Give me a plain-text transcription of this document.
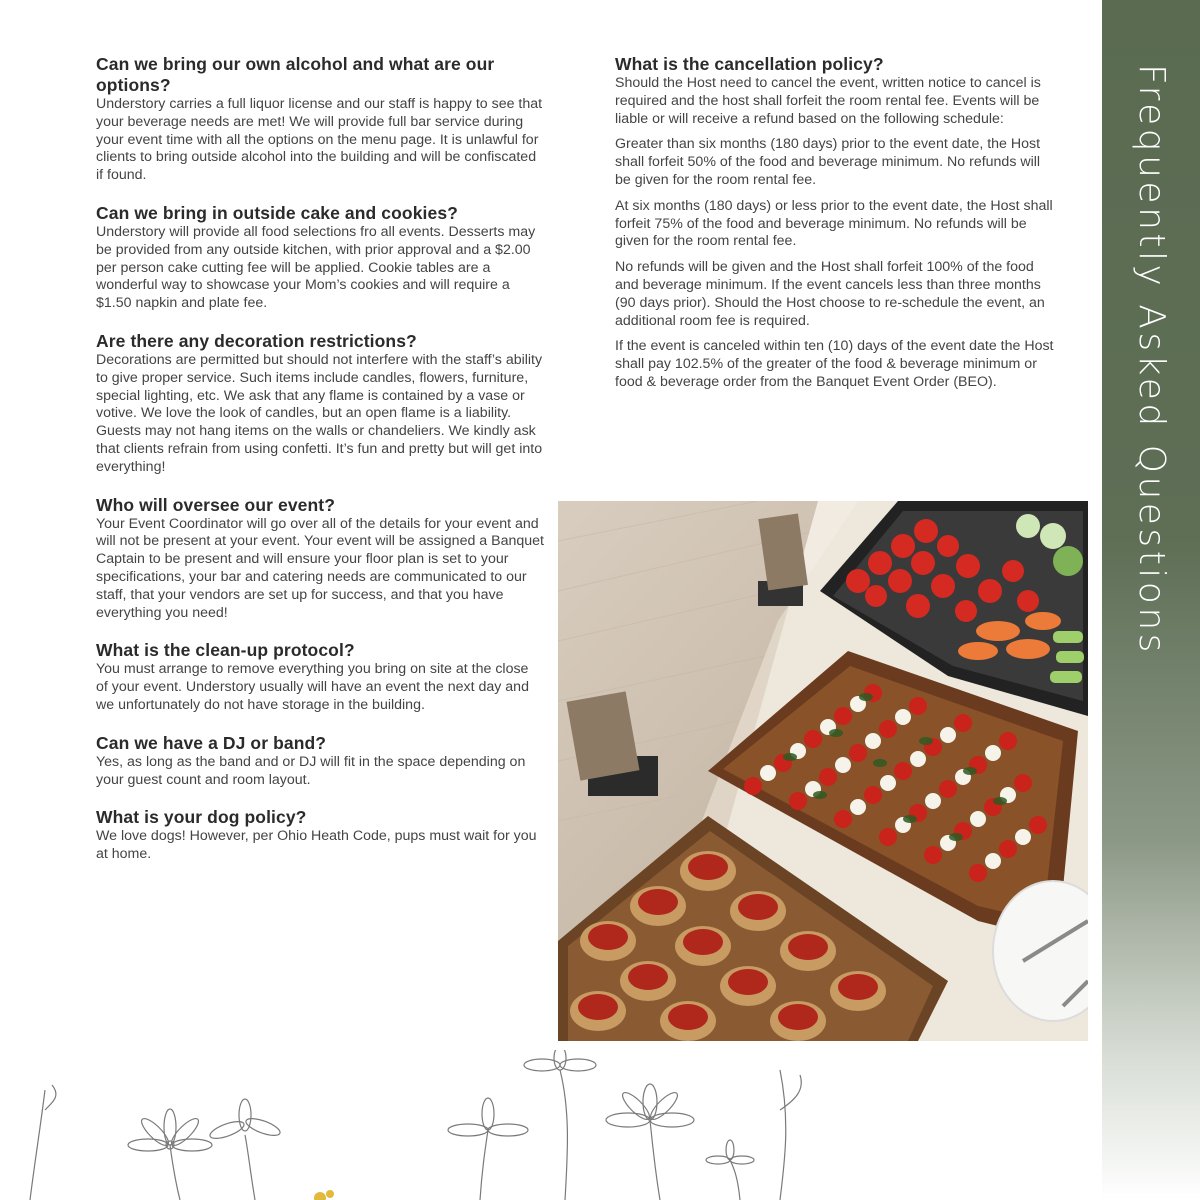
Can we bring our own alcohol and what are our options?

Understory carries a full liquor license and our staff is happy to see that your beverage needs are met! We will provide full bar service during your event time with all the options on the menu page. It is unlawful for clients to bring outside alcohol into the building and will be confiscated if found.

Can we bring in outside cake and cookies?

Understory will provide all food selections fro all events. Desserts may be provided from any outside kitchen, with prior approval and a $2.00 per person cake cutting fee will be applied. Cookie tables are a wonderful way to showcase your Mom’s cookies and will require a $1.50 napkin and plate fee.

Are there any decoration restrictions?

Decorations are permitted but should not interfere with the staff’s ability to give proper service. Such items include candles, flowers, furniture, special lighting, etc. We ask that any flame is contained by a vase or votive. We love the look of candles, but an open flame is a liability. Guests may not hang items on the walls or chandeliers. We kindly ask that clients refrain from using confetti. It’s fun and pretty but will get into everything!

Who will oversee our event?

Your Event Coordinator will go over all of the details for your event and will not be present at your event. Your event will be assigned a Banquet Captain to be present and will ensure your floor plan is set to your specifications, your bar and catering needs are communicated to our staff, that your vendors are set up for success, and that you have everything you need!

What is the clean-up protocol?

You must arrange to remove everything you bring on site at the close of your event. Understory usually will have an event the next day and we unfortunately do not have storage in the building.

Can we have a DJ or band?

Yes, as long as the band and or DJ will fit in the space depending on your guest count and room layout.

What is your dog policy?

We love dogs! However, per Ohio Heath Code, pups must wait for you at home.

What is the cancellation policy?

Should the Host need to cancel the event, written notice to cancel is required and the host shall forfeit the room rental fee. Events will be liable or will receive a refund based on the following schedule:

Greater than six months (180 days) prior to the event date, the Host shall forfeit 50% of the food and beverage minimum. No refunds will be given for the room rental fee.

At six months (180 days) or less prior to the event date, the Host shall forfeit 75% of the food and beverage minimum. No refunds will be given for the room rental fee.

No refunds will be given and the Host shall forfeit 100% of the food and beverage minimum. If the event cancels less than three months (90 days prior). Should the Host choose to re-schedule the event, an additional room fee is required.

If the event is canceled within ten (10) days of the event date the Host shall pay 102.5% of the greater of the food & beverage minimum or food & beverage order from the Banquet Event Order (BEO).	Frequently Asked Questions
